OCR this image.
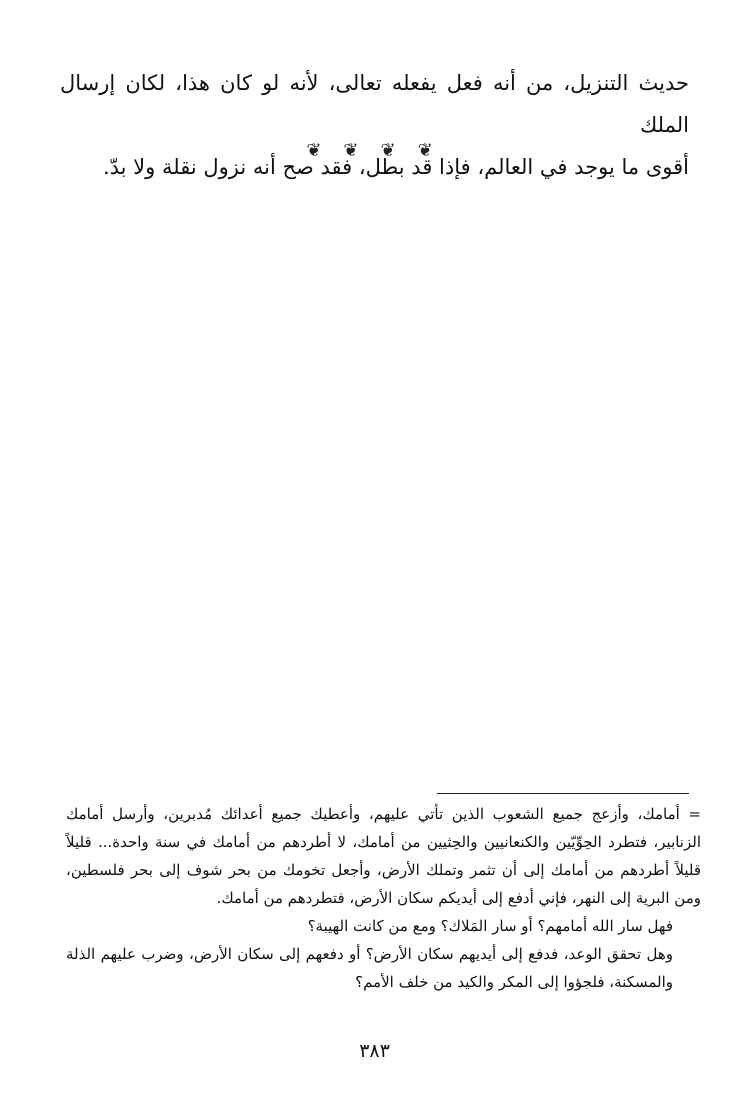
حديث التنزيل، من أنه فعل يفعله تعالى، لأنه لو كان هذا، لكان إرسال الملك

أقوى ما يوجد في العالم، فإذا قد بطل، فقد صح أنه نزول نقلة ولا بدّ.

❦ ❦ ❦ ❦

= أمامك، وأزعج جميع الشعوب الذين تأتي عليهم، وأعطيك جميع أعدائك مُدبرين، وأرسل أمامك الزنابير، فتطرد الحِوِّيّين والكنعانيين والحِثيين من أمامك، لا أطردهم من أمامك في سنة واحدة... قليلاً قليلاً أطردهم من أمامك إلى أن تثمر وتملك الأرض، وأجعل تخومك من بحر شوف إلى بحر فلسطين، ومن البرية إلى النهر، فإني أدفع إلى أيديكم سكان الأرض، فتطردهم من أمامك.

فهل سار الله أمامهم؟ أو سار المَلاك؟ ومع من كانت الهيبة؟

وهل تحقق الوعد، فدفع إلى أيديهم سكان الأرض؟ أو دفعهم إلى سكان الأرض، وضرب عليهم الذلة والمسكنة، فلجؤوا إلى المكر والكيد من خلف الأمم؟

٣٨٣
